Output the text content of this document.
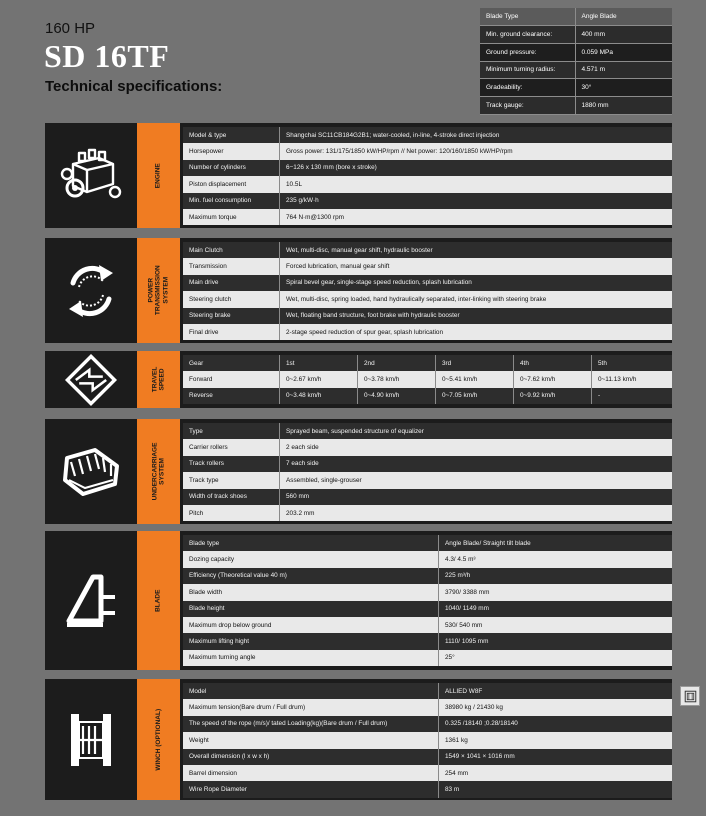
160 HP
SD 16TF
Technical specifications:
Blade Type	Angle Blade
Min. ground clearance:	400 mm
Ground pressure:	0.059 MPa
Minimum turning radius:	4.571 m
Gradeability:	30°
Track gauge:	1880 mm
ENGINE
Model & type	Shangchai SC11CB184G2B1; water-cooled, in-line, 4-stroke direct injection
Horsepower	Gross power: 131/175/1850 kW/HP/rpm // Net power: 120/160/1850 kW/HP/rpm
Number of cylinders	6−126 x 130 mm (bore x stroke)
Piston displacement	10.5L
Min. fuel consumption	235 g/kW·h
Maximum torque	764 N·m@1300 rpm
POWER
TRANSMISSION
SYSTEM
Main Clutch	Wet, multi-disc, manual gear shift, hydraulic booster
Transmission	Forced lubrication, manual gear shift
Main drive	Spiral bevel gear, single-stage speed reduction, splash lubrication
Steering clutch	Wet, multi-disc, spring loaded, hand hydraulically separated, inter-linking with steering brake
Steering brake	Wet, floating band structure, foot brake with hydraulic booster
Final drive	2-stage speed reduction of spur gear, splash lubrication
TRAVEL
SPEED
Gear	1st	2nd	3rd	4th	5th
Forward	0~2.67 km/h	0~3.78 km/h	0~5.41 km/h	0~7.62 km/h	0~11.13 km/h
Reverse	0~3.48 km/h	0~4.90 km/h	0~7.05 km/h	0~9.92 km/h	-
UNDERCARRIAGE
SYSTEM
Type	Sprayed beam, suspended structure of equalizer
Carrier rollers	2 each side
Track rollers	7 each side
Track type	Assembled, single-grouser
Width of track shoes	560 mm
Pitch	203.2 mm
BLADE
Blade type	Angle Blade/ Straight tilt blade
Dozing capacity	4.3/ 4.5 m³
Efficiency (Theoretical value 40 m)	225 m³/h
Blade width	3790/ 3388 mm
Blade height	1040/ 1149 mm
Maximum drop below ground	530/ 540 mm
Maximum lifting hight	1110/ 1095 mm
Maximum turning angle	25°
WINCH (OPTIONAL)
Model	ALLIED W8F
Maximum tension(Bare drum / Full drum)	38980 kg / 21430 kg
The speed of the rope (m/s)/ tated Loading(kg)(Bare drum / Full drum)	0.325 /18140 ;0.28/18140
Weight	1361 kg
Overall dimension (l x w x h)	1549 × 1041 × 1016 mm
Barrel dimension	254 mm
Wire Rope Diameter	83 m
